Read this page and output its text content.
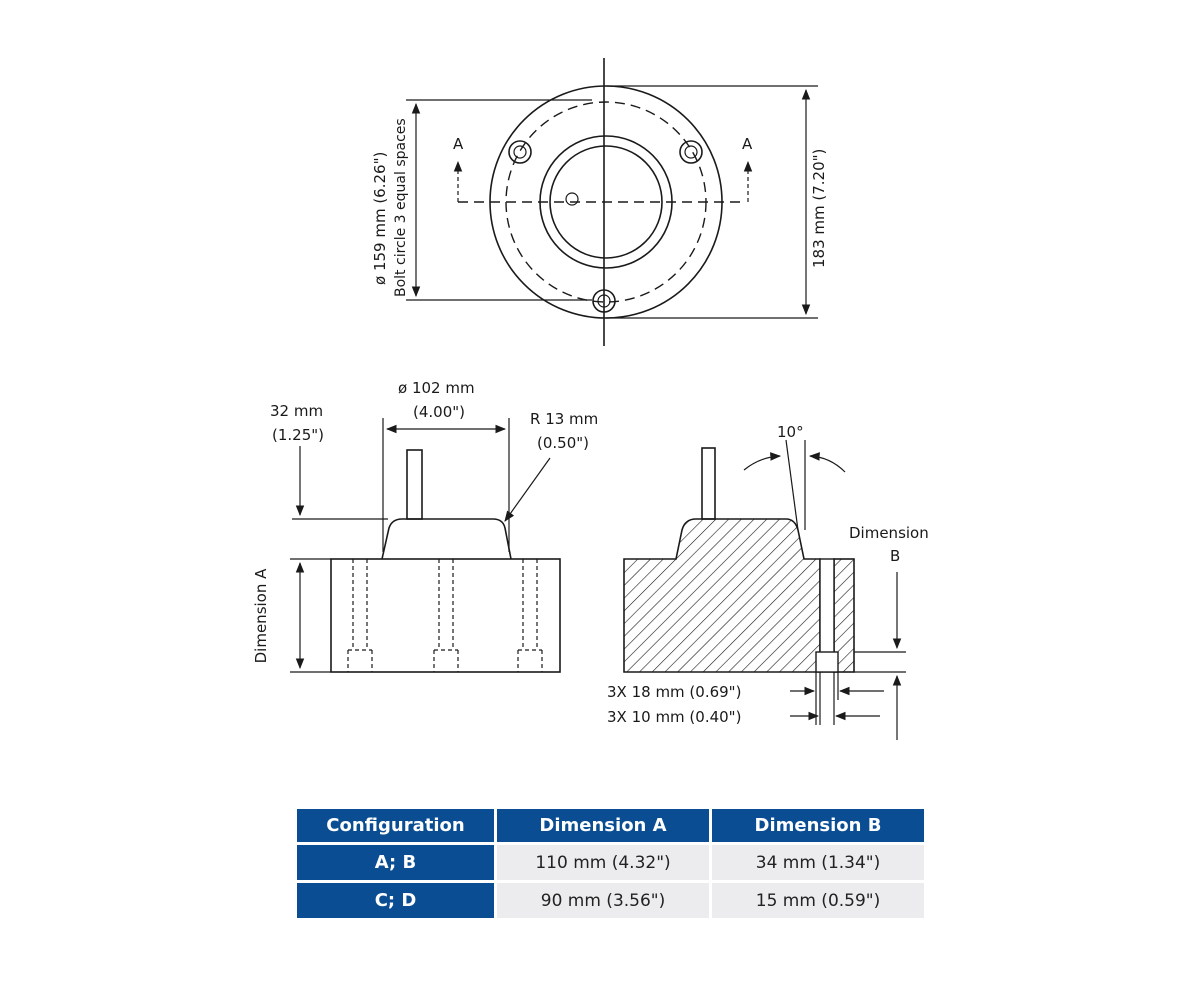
A	A
ø 159 mm (6.26") Bolt circle 3 equal spaces	183 mm (7.20")
32 mm
(1.25")
ø 102 mm
(4.00")	R 13 mm
(0.50")
Dimension A
10°
Dimension
B
3X 18 mm (0.69")
3X 10 mm (0.40")
Configuration	Dimension A	Dimension B
A; B	110 mm (4.32")	34 mm (1.34")
C; D	90 mm (3.56")	15 mm (0.59")
